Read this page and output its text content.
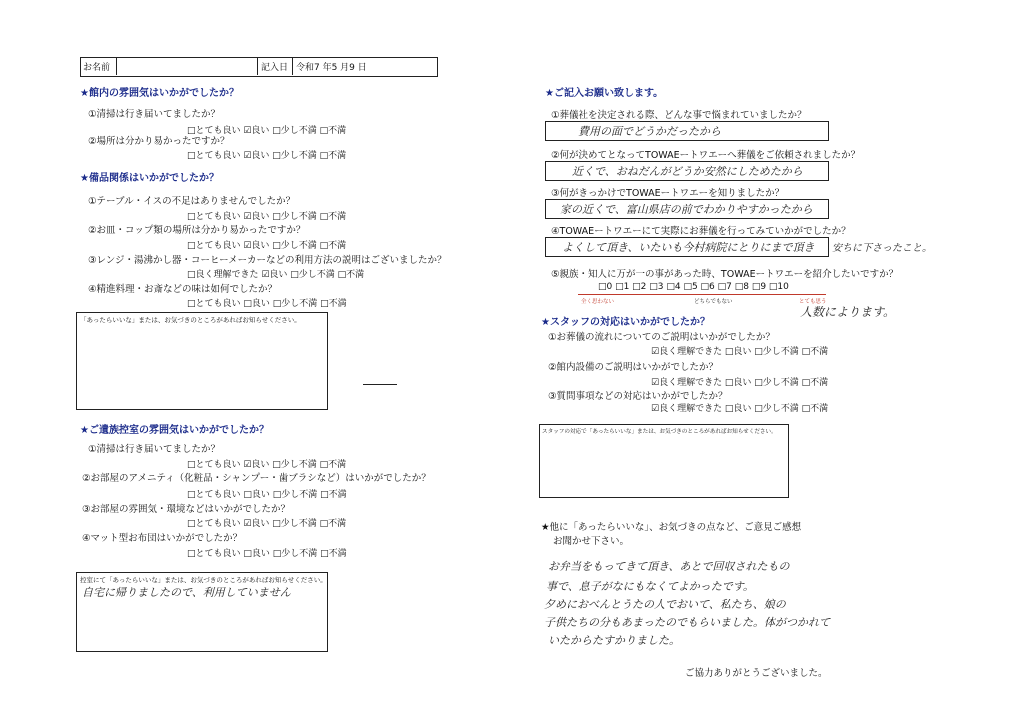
お名前	記入日 令和7 年5 月9 日
★館内の雰囲気はいかがでしたか？
①清掃は行き届いてましたか？
□とても良い ☑良い □少し不満 □不満
②場所は分かり易かったですか？
□とても良い ☑良い □少し不満 □不満
★備品関係はいかがでしたか？
①テーブル・イスの不足はありませんでしたか？
□とても良い ☑良い □少し不満 □不満
②お皿・コップ類の場所は分かり易かったですか？
□とても良い ☑良い □少し不満 □不満
③レンジ・湯沸かし器・コーヒーメーカーなどの利用方法の説明はございましたか？
□良く理解できた ☑良い □少し不満 □不満
④精進料理・お斎などの味は如何でしたか？
□とても良い □良い □少し不満 □不満
「あったらいいな」または、お気づきのところがあればお知らせください。
★ご遺族控室の雰囲気はいかがでしたか？
①清掃は行き届いてましたか？
□とても良い ☑良い □少し不満 □不満
②お部屋のアメニティ（化粧品・シャンプー・歯ブラシなど）はいかがでしたか？
□とても良い □良い □少し不満 □不満
③お部屋の雰囲気・環境などはいかがでしたか？
□とても良い ☑良い □少し不満 □不満
④マット型お布団はいかがでしたか？
□とても良い □良い □少し不満 □不満
控室にて「あったらいいな」または、お気づきのところがあればお知らせください。
自宅に帰りましたので、利用していません
★ご記入お願い致します。
①葬儀社を決定される際、どんな事で悩まれていましたか？
費用の面でどうかだったから
②何が決めてとなってTOWAEートワエーへ葬儀をご依頼されましたか？
近くで、おねだんがどうか安然にしためたから
③何がきっかけでTOWAEートワエーを知りましたか？
家の近くで、富山県店の前でわかりやすかったから
④TOWAEートワエーにて実際にお葬儀を行ってみていかがでしたか？
よくして頂き、いたいも今村病院にとりにまで頂き 安ちに下さったこと。
⑤親族・知人に万が一の事があった時、TOWAEートワエーを紹介したいですか？
□0 □1 □2 □3 □4 □5 □6 □7 □8 □9 □10
全く思わない	どちらでもない	とても思う
人数によります。
★スタッフの対応はいかがでしたか？
①お葬儀の流れについてのご説明はいかがでしたか？
☑良く理解できた □良い □少し不満 □不満
②館内設備のご説明はいかがでしたか？
☑良く理解できた □良い □少し不満 □不満
③質問事項などの対応はいかがでしたか？
☑良く理解できた □良い □少し不満 □不満
スタッフの対応で「あったらいいな」または、お気づきのところがあればお知らせください。
★他に「あったらいいな」、お気づきの点など、ご意見ご感想
お聞かせ下さい。
お弁当をもってきて頂き、あとで回収されたもの
事で、息子がなにもなくてよかったです。
夕めにおべんとうたの人でおいて、私たち、娘の
子供たちの分もあまったのでもらいました。体がつかれて
いたからたすかりました。
ご協力ありがとうございました。
